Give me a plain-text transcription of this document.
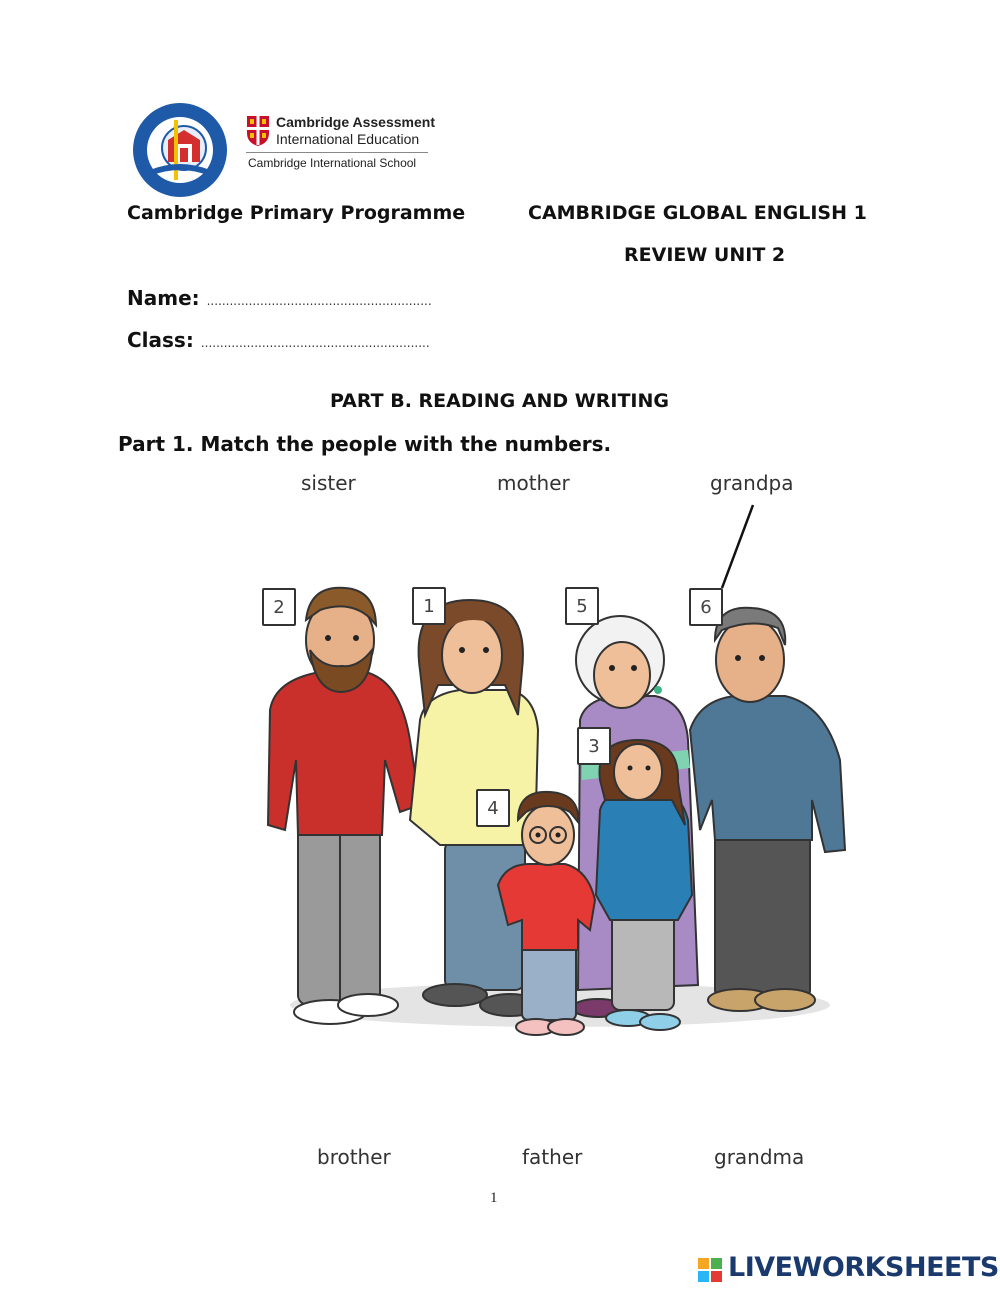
Cambridge Assessment
International Education
Cambridge International School
Cambridge Primary Programme	CAMBRIDGE GLOBAL ENGLISH 1
REVIEW UNIT 2
Name: ...........................................................
Class: ............................................................
PART B. READING AND WRITING
Part 1. Match the people with the numbers.
sister	mother	grandpa
2	1	5	6
3
4
brother	father	grandma
1
LIVEWORKSHEETS
